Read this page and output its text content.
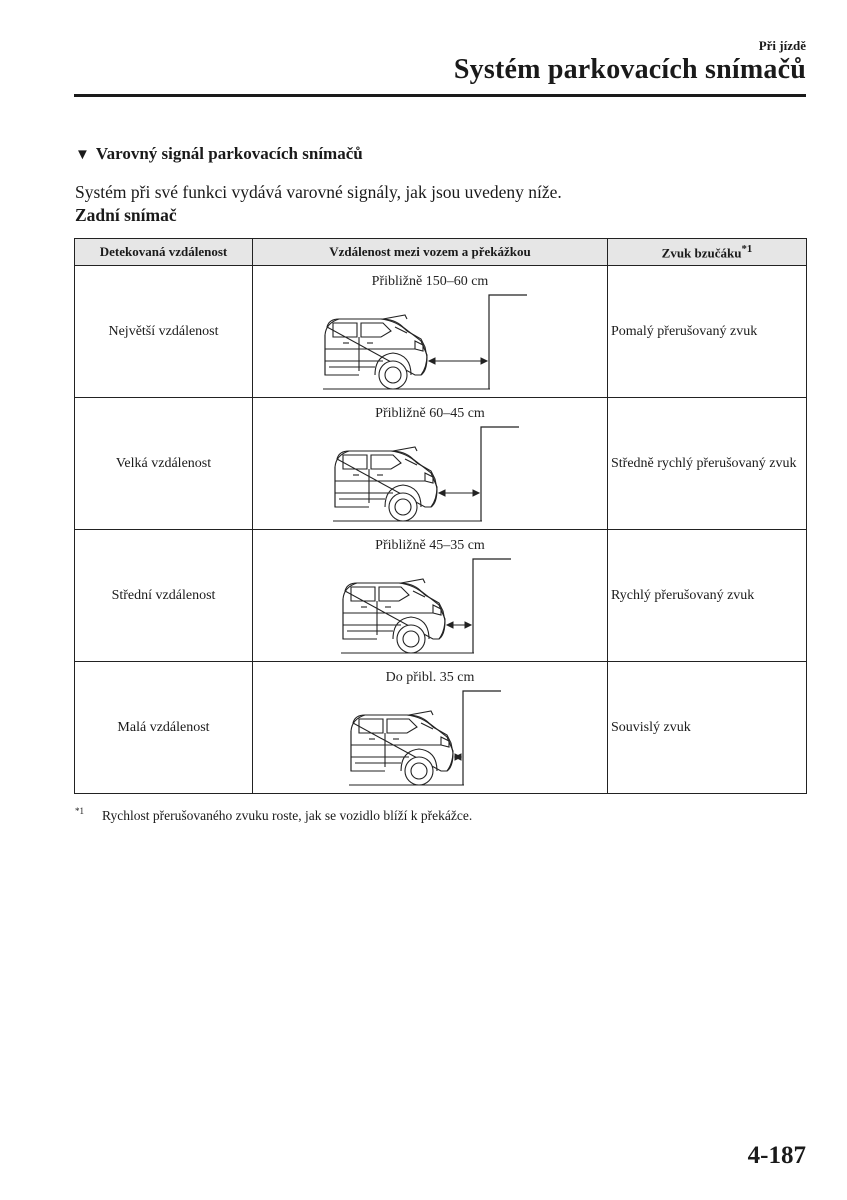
Při jízdě
Systém parkovacích snímačů
▼ Varovný signál parkovacích snímačů
Systém při své funkci vydává varovné signály, jak jsou uvedeny níže.
Zadní snímač
Detekovaná vzdálenost	Vzdálenost mezi vozem a překážkou	Zvuk bzučáku$^{*1}$
Největší vzdálenost	Přibližně 150–60 cm	Pomalý přerušovaný zvuk
Velká vzdálenost	Přibližně 60–45 cm	Středně rychlý přerušovaný zvuk
Střední vzdálenost	Přibližně 45–35 cm	Rychlý přerušovaný zvuk
Malá vzdálenost	Do přibl. 35 cm	Souvislý zvuk
$^{*1}$ Rychlost přerušovaného zvuku roste, jak se vozidlo blíží k překážce.
4-187
